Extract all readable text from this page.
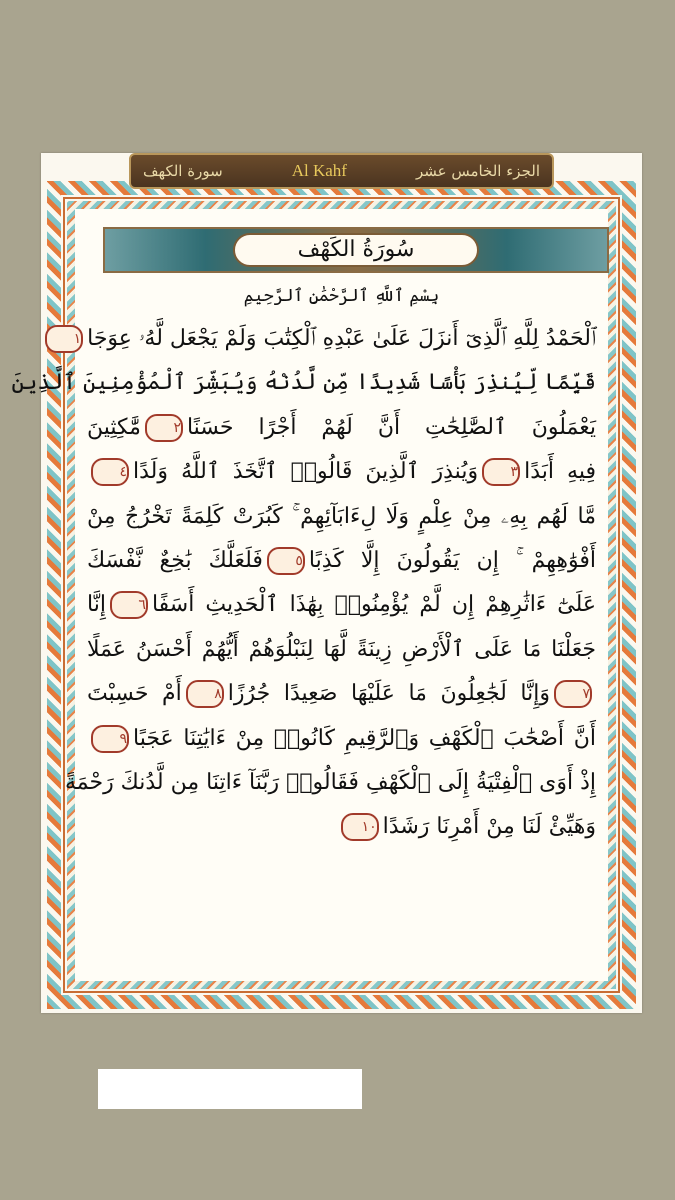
سُورَةُ الكَهْف
بِسْمِ ٱللَّهِ ٱلرَّحْمَٰنِ ٱلرَّحِيمِ
ٱلْحَمْدُ لِلَّهِ ٱلَّذِىٓ أَنزَلَ عَلَىٰ عَبْدِهِ ٱلْكِتَٰبَ وَلَمْ يَجْعَل لَّهُۥ عِوَجَا١
قَيِّمًا لِّيُنذِرَ بَأْسًا شَدِيدًا مِّن لَّدُنْهُ وَيُبَشِّرَ ٱلْمُؤْمِنِينَ ٱلَّذِينَ
يَعْمَلُونَ ٱلصَّٰلِحَٰتِ أَنَّ لَهُمْ أَجْرًا حَسَنًا٢مَّٰكِثِينَ
فِيهِ أَبَدًا٣وَيُنذِرَ ٱلَّذِينَ قَالُوا۟ ٱتَّخَذَ ٱللَّهُ وَلَدًا٤
مَّا لَهُم بِهِۦ مِنْ عِلْمٍ وَلَا لِءَابَآئِهِمْ ۚ كَبُرَتْ كَلِمَةً تَخْرُجُ مِنْ
أَفْوَٰهِهِمْ ۚ إِن يَقُولُونَ إِلَّا كَذِبًا٥فَلَعَلَّكَ بَٰخِعٌ نَّفْسَكَ
عَلَىٰٓ ءَاثَٰرِهِمْ إِن لَّمْ يُؤْمِنُوا۟ بِهَٰذَا ٱلْحَدِيثِ أَسَفًا٦إِنَّا
جَعَلْنَا مَا عَلَى ٱلْأَرْضِ زِينَةً لَّهَا لِنَبْلُوَهُمْ أَيُّهُمْ أَحْسَنُ عَمَلًا
٧وَإِنَّا لَجَٰعِلُونَ مَا عَلَيْهَا صَعِيدًا جُرُزًا٨أَمْ حَسِبْتَ
أَنَّ أَصْحَٰبَ ٱلْكَهْفِ وَٱلرَّقِيمِ كَانُوا۟ مِنْ ءَايَٰتِنَا عَجَبًا٩
إِذْ أَوَى ٱلْفِتْيَةُ إِلَى ٱلْكَهْفِ فَقَالُوا۟ رَبَّنَآ ءَاتِنَا مِن لَّدُنكَ رَحْمَةً
وَهَيِّئْ لَنَا مِنْ أَمْرِنَا رَشَدًا١٠
سورة الكهف	Al Kahf	الجزء الخامس عشر
